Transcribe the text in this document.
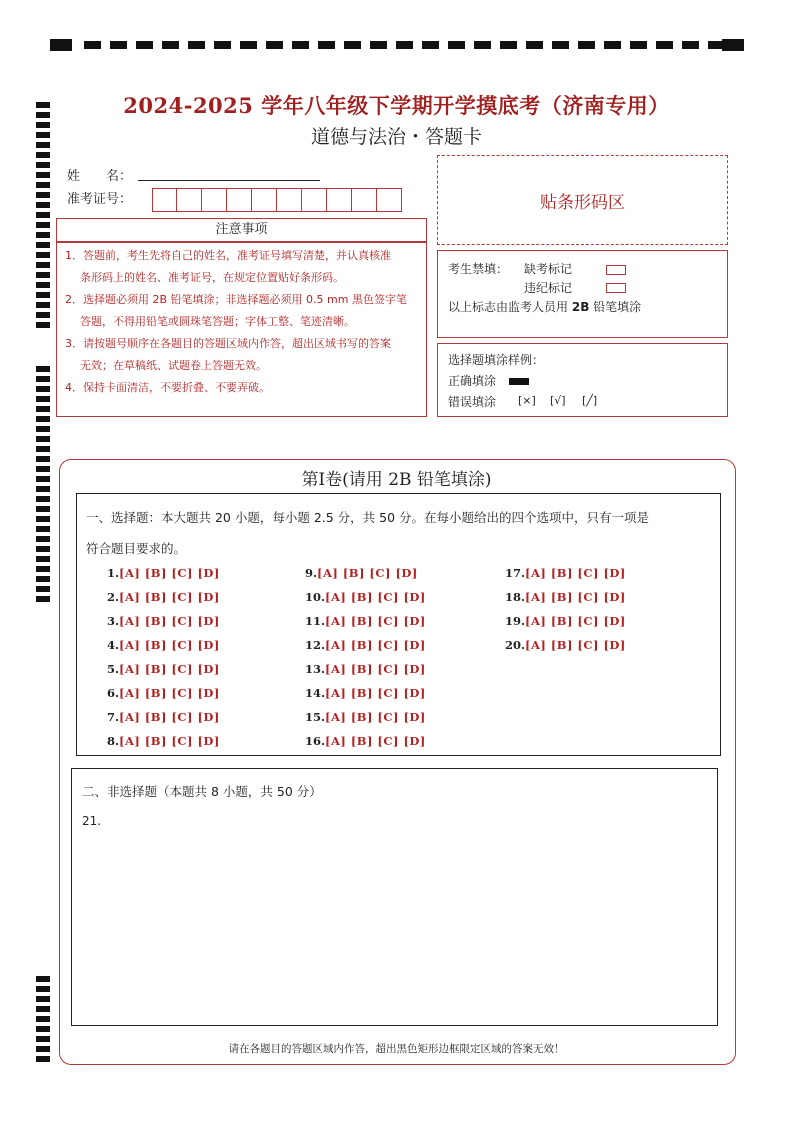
2024-2025 学年八年级下学期开学摸底考（济南专用）
道德与法治・答题卡
姓　　名：
准考证号：	贴条形码区
注意事项
1．答题前，考生先将自己的姓名，准考证号填写清楚，并认真核准
条形码上的姓名、准考证号，在规定位置贴好条形码。
2．选择题必须用 2B 铅笔填涂；非选择题必须用 0.5 mm 黑色签字笔
答题，不得用铅笔或圆珠笔答题；字体工整、笔迹清晰。
3．请按题号顺序在各题目的答题区域内作答，超出区域书写的答案
无效；在草稿纸、试题卷上答题无效。
4．保持卡面清洁，不要折叠、不要弄破。
考生禁填： 缺考标记
违纪标记
以上标志由监考人员用 2B 铅笔填涂
选择题填涂样例：
正确填涂
错误填涂 [×] [√] [╱]
第Ⅰ卷(请用 2B 铅笔填涂)
一、选择题：本大题共 20 小题，每小题 2.5 分，共 50 分。在每小题给出的四个选项中，只有一项是
符合题目要求的。
1.[A] [B] [C] [D]
2.[A] [B] [C] [D]
3.[A] [B] [C] [D]
4.[A] [B] [C] [D]
5.[A] [B] [C] [D]
6.[A] [B] [C] [D]
7.[A] [B] [C] [D]
8.[A] [B] [C] [D]
9.[A] [B] [C] [D]
10.[A] [B] [C] [D]
11.[A] [B] [C] [D]
12.[A] [B] [C] [D]
13.[A] [B] [C] [D]
14.[A] [B] [C] [D]
15.[A] [B] [C] [D]
16.[A] [B] [C] [D]
17.[A] [B] [C] [D]
18.[A] [B] [C] [D]
19.[A] [B] [C] [D]
20.[A] [B] [C] [D]
二、非选择题（本题共 8 小题，共 50 分）
21.
请在各题目的答题区域内作答，超出黑色矩形边框限定区域的答案无效！
